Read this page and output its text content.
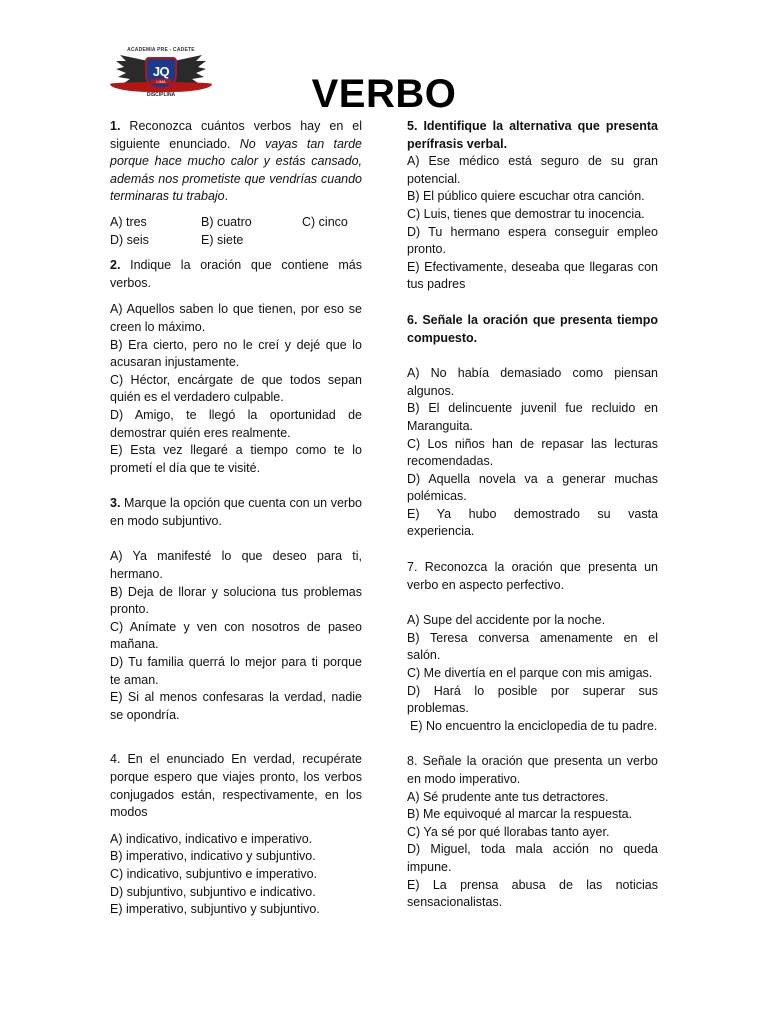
ACADEMIA PRE - CADETE
JQ
LIMA
DISCIPLINA	VERBO

1. Reconozca cuántos verbos hay en el siguiente enunciado. No vayas tan tarde porque hace mucho calor y estás cansado, además nos prometiste que vendrías cuando terminaras tu trabajo.

A) tres	B) cuatro	C) cinco
D) seis	E) siete

2. Indique la oración que contiene más verbos.

A) Aquellos saben lo que tienen, por eso se creen lo máximo.

B) Era cierto, pero no le creí y dejé que lo acusaran injustamente.

C) Héctor, encárgate de que todos sepan quién es el verdadero culpable.

D) Amigo, te llegó la oportunidad de demostrar quién eres realmente.

E) Esta vez llegaré a tiempo como te lo prometí el día que te visité.

3. Marque la opción que cuenta con un verbo en modo subjuntivo.

A) Ya manifesté lo que deseo para ti, hermano.

B) Deja de llorar y soluciona tus problemas pronto.

C) Anímate y ven con nosotros de paseo mañana.

D) Tu familia querrá lo mejor para ti porque te aman.

E) Si al menos confesaras la verdad, nadie se opondría.

4. En el enunciado En verdad, recupérate porque espero que viajes pronto, los verbos conjugados están, respectivamente, en los modos

A) indicativo, indicativo e imperativo.

B) imperativo, indicativo y subjuntivo.

C) indicativo, subjuntivo e imperativo.

D) subjuntivo, subjuntivo e indicativo.

E) imperativo, subjuntivo y subjuntivo.

5. Identifique la alternativa que presenta perífrasis verbal.

A) Ese médico está seguro de su gran potencial.

B) El público quiere escuchar otra canción.

C) Luis, tienes que demostrar tu inocencia.

D) Tu hermano espera conseguir empleo pronto.

E) Efectivamente, deseaba que llegaras con tus padres

6. Señale la oración que presenta tiempo compuesto.

A) No había demasiado como piensan algunos.

B) El delincuente juvenil fue recluido en Maranguita.

C) Los niños han de repasar las lecturas recomendadas.

D) Aquella novela va a generar muchas polémicas.

E) Ya hubo demostrado su vasta experiencia.

7. Reconozca la oración que presenta un verbo en aspecto perfectivo.

A) Supe del accidente por la noche.

B) Teresa conversa amenamente en el salón.

C) Me divertía en el parque con mis amigas.

D) Hará lo posible por superar sus problemas.

E) No encuentro la enciclopedia de tu padre.

8. Señale la oración que presenta un verbo en modo imperativo.

A) Sé prudente ante tus detractores.

B) Me equivoqué al marcar la respuesta.

C) Ya sé por qué llorabas tanto ayer.

D) Miguel, toda mala acción no queda impune.

E) La prensa abusa de las noticias sensacionalistas.
